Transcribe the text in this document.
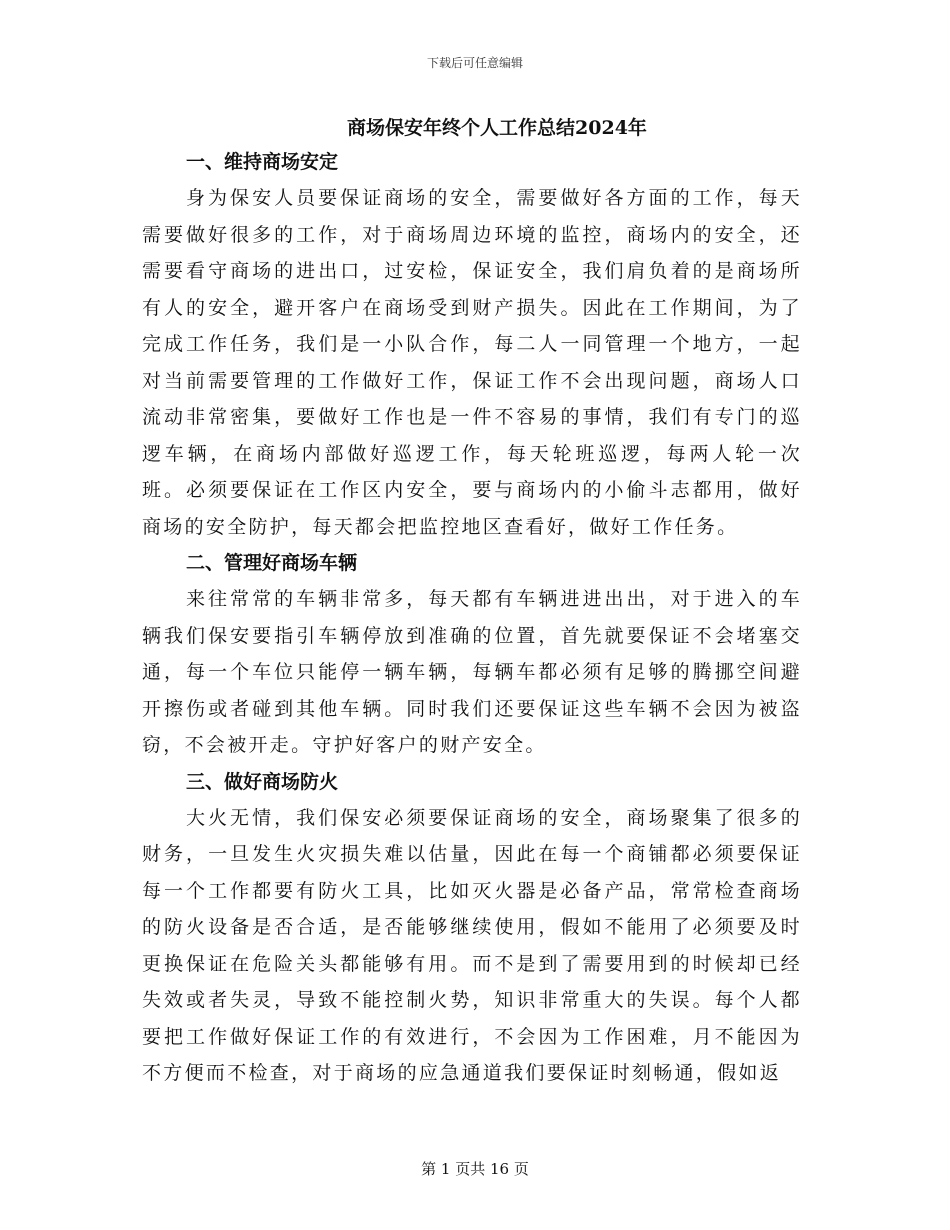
下载后可任意编辑
商场保安年终个人工作总结2024年
一、维持商场安定

身为保安人员要保证商场的安全，需要做好各方面的工作，每天需要做好很多的工作，对于商场周边环境的监控，商场内的安全，还需要看守商场的进出口，过安检，保证安全，我们肩负着的是商场所有人的安全，避开客户在商场受到财产损失。因此在工作期间，为了完成工作任务，我们是一小队合作，每二人一同管理一个地方，一起对当前需要管理的工作做好工作，保证工作不会出现问题，商场人口流动非常密集，要做好工作也是一件不容易的事情，我们有专门的巡逻车辆，在商场内部做好巡逻工作，每天轮班巡逻，每两人轮一次班。必须要保证在工作区内安全，要与商场内的小偷斗志都用，做好商场的安全防护，每天都会把监控地区查看好，做好工作任务。

二、管理好商场车辆

来往常常的车辆非常多，每天都有车辆进进出出，对于进入的车辆我们保安要指引车辆停放到准确的位置，首先就要保证不会堵塞交通，每一个车位只能停一辆车辆，每辆车都必须有足够的腾挪空间避开擦伤或者碰到其他车辆。同时我们还要保证这些车辆不会因为被盗窃，不会被开走。守护好客户的财产安全。

三、做好商场防火

大火无情，我们保安必须要保证商场的安全，商场聚集了很多的财务，一旦发生火灾损失难以估量，因此在每一个商铺都必须要保证每一个工作都要有防火工具，比如灭火器是必备产品，常常检查商场的防火设备是否合适，是否能够继续使用，假如不能用了必须要及时更换保证在危险关头都能够有用。而不是到了需要用到的时候却已经失效或者失灵，导致不能控制火势，知识非常重大的失误。每个人都要把工作做好保证工作的有效进行，不会因为工作困难，月不能因为不方便而不检查，对于商场的应急通道我们要保证时刻畅通，假如返

第 1 页共 16 页
